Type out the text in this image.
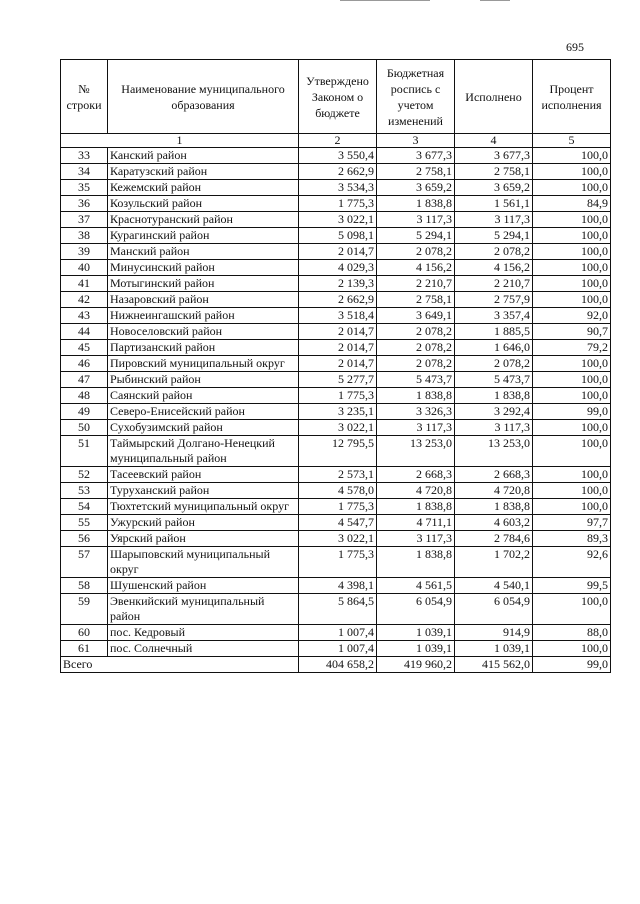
695
№ строки	Наименование муниципального образования	Утверждено Законом о бюджете	Бюджетная роспись с учетом изменений	Исполнено	Процент исполнения
1		2	3	4	5
33	Канский район	3 550,4	3 677,3	3 677,3	100,0
34	Каратузский район	2 662,9	2 758,1	2 758,1	100,0
35	Кежемский район	3 534,3	3 659,2	3 659,2	100,0
36	Козульский район	1 775,3	1 838,8	1 561,1	84,9
37	Краснотуранский район	3 022,1	3 117,3	3 117,3	100,0
38	Курагинский район	5 098,1	5 294,1	5 294,1	100,0
39	Манский район	2 014,7	2 078,2	2 078,2	100,0
40	Минусинский район	4 029,3	4 156,2	4 156,2	100,0
41	Мотыгинский район	2 139,3	2 210,7	2 210,7	100,0
42	Назаровский район	2 662,9	2 758,1	2 757,9	100,0
43	Нижнеингашский район	3 518,4	3 649,1	3 357,4	92,0
44	Новоселовский район	2 014,7	2 078,2	1 885,5	90,7
45	Партизанский район	2 014,7	2 078,2	1 646,0	79,2
46	Пировский муниципальный округ	2 014,7	2 078,2	2 078,2	100,0
47	Рыбинский район	5 277,7	5 473,7	5 473,7	100,0
48	Саянский район	1 775,3	1 838,8	1 838,8	100,0
49	Северо-Енисейский район	3 235,1	3 326,3	3 292,4	99,0
50	Сухобузимский район	3 022,1	3 117,3	3 117,3	100,0
51	Таймырский Долгано-Ненецкий муниципальный район	12 795,5	13 253,0	13 253,0	100,0
52	Тасеевский район	2 573,1	2 668,3	2 668,3	100,0
53	Туруханский район	4 578,0	4 720,8	4 720,8	100,0
54	Тюхтетский муниципальный округ	1 775,3	1 838,8	1 838,8	100,0
55	Ужурский район	4 547,7	4 711,1	4 603,2	97,7
56	Уярский район	3 022,1	3 117,3	2 784,6	89,3
57	Шарыповский муниципальный округ	1 775,3	1 838,8	1 702,2	92,6
58	Шушенский район	4 398,1	4 561,5	4 540,1	99,5
59	Эвенкийский муниципальный район	5 864,5	6 054,9	6 054,9	100,0
60	пос. Кедровый	1 007,4	1 039,1	914,9	88,0
61	пос. Солнечный	1 007,4	1 039,1	1 039,1	100,0
Всего		404 658,2	419 960,2	415 562,0	99,0
